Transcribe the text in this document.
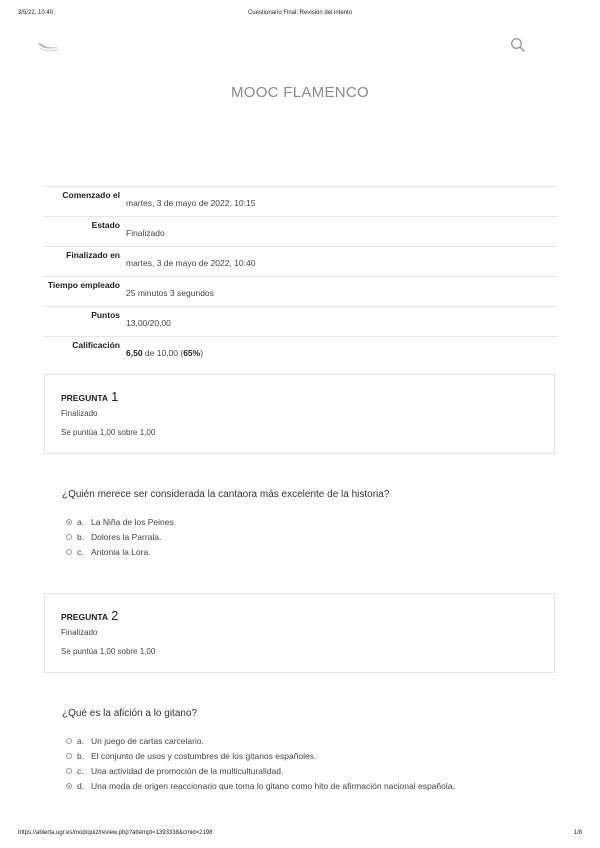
3/5/22, 10:40	Cuestionario Final: Revisión del intento
MOOC FLAMENCO
Comenzado el
martes, 3 de mayo de 2022, 10:15
Estado
Finalizado
Finalizado en
martes, 3 de mayo de 2022, 10:40
Tiempo empleado
25 minutos 3 segundos
Puntos
13,00/20,00
Calificación
6,50 de 10,00 (65%)
PREGUNTA 1
Finalizado
Se puntúa 1,00 sobre 1,00
¿Quién merece ser considerada la cantaora más excelente de la historia?
a. La Niña de los Peines.
b. Dolores la Parrala.
c. Antonia la Lora.
PREGUNTA 2
Finalizado
Se puntúa 1,00 sobre 1,00
¿Qué es la afición a lo gitano?
a. Un juego de cartas carcelario.
b. El conjunto de usos y costumbres de los gitanos españoles.
c. Una actividad de promoción de la multiculturalidad.
d. Una moda de origen reaccionario que toma lo gitano como hito de afirmación nacional española.
https://abierta.ugr.es/mod/quiz/review.php?attempt=1393338&cmid=2198	1/8
